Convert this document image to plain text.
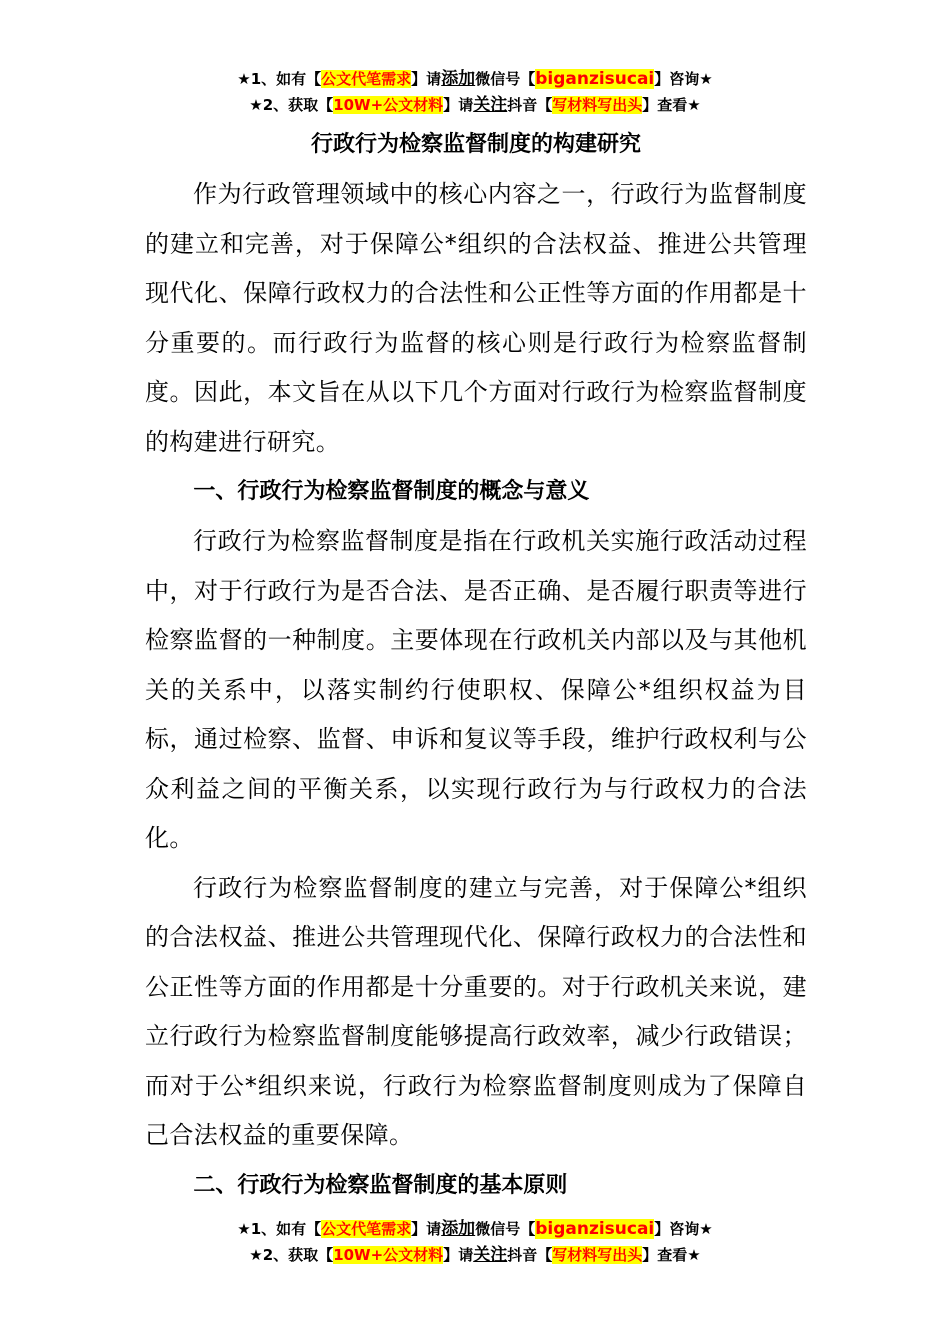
★1、如有【公文代笔需求】请添加微信号【biganzisucai】咨询★
★2、获取【10W+公文材料】请关注抖音【写材料写出头】查看★
行政行为检察监督制度的构建研究

作为行政管理领域中的核心内容之一，行政行为监督制度的建立和完善，对于保障公*组织的合法权益、推进公共管理现代化、保障行政权力的合法性和公正性等方面的作用都是十分重要的。而行政行为监督的核心则是行政行为检察监督制度。因此，本文旨在从以下几个方面对行政行为检察监督制度的构建进行研究。

一、行政行为检察监督制度的概念与意义

行政行为检察监督制度是指在行政机关实施行政活动过程中，对于行政行为是否合法、是否正确、是否履行职责等进行检察监督的一种制度。主要体现在行政机关内部以及与其他机关的关系中，以落实制约行使职权、保障公*组织权益为目标，通过检察、监督、申诉和复议等手段，维护行政权利与公众利益之间的平衡关系，以实现行政行为与行政权力的合法化。

行政行为检察监督制度的建立与完善，对于保障公*组织的合法权益、推进公共管理现代化、保障行政权力的合法性和公正性等方面的作用都是十分重要的。对于行政机关来说，建立行政行为检察监督制度能够提高行政效率，减少行政错误；而对于公*组织来说，行政行为检察监督制度则成为了保障自己合法权益的重要保障。

二、行政行为检察监督制度的基本原则
★1、如有【公文代笔需求】请添加微信号【biganzisucai】咨询★
★2、获取【10W+公文材料】请关注抖音【写材料写出头】查看★
